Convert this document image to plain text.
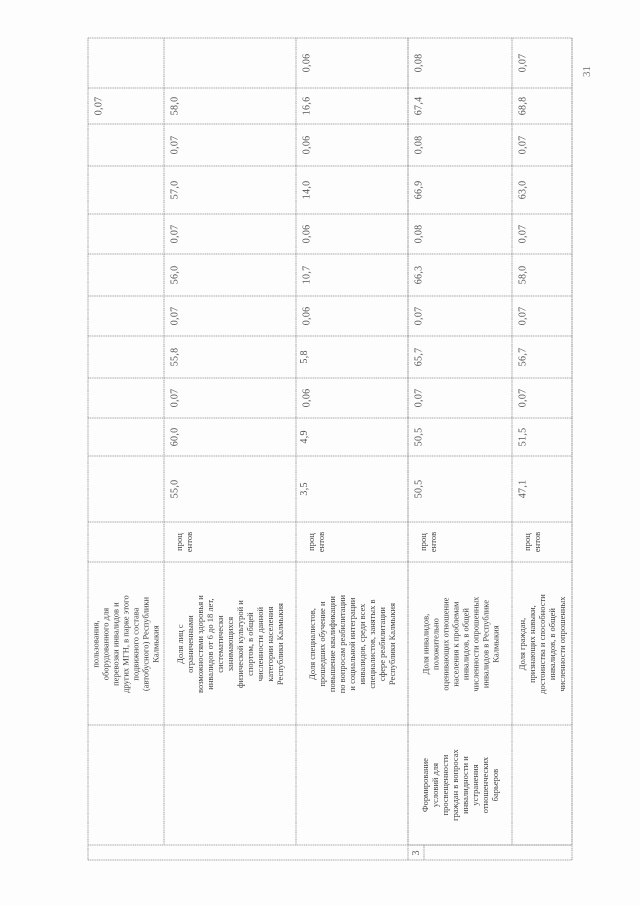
0,07
пользования, оборудованного для перевозки инвалидов и других МГН, в парке этого подвижного состава (автобусного) Республики Калмыкия
55,0
60,0
0,07
55,8
0,07
56,0
0,07
57,0
0,07
58,0
проц ентов
Доля лиц с ограниченными возможностями здоровья и инвалидов от 6 до 18 лет, систематически занимающихся физической культурой и спортом, в общей численности данной категории населения Республики Калмыкия
3,5
4,9
0,06
5,8
0,06
10,7
0,06
14,0
0,06
16,6
0,06
проц ентов
Доля специалистов, прошедших обучение и повышение квалификации по вопросам реабилитации и социальной интеграции инвалидов, среди всех специалистов, занятых в сфере реабилитации Республики Калмыкия
50,5
50,5
0,07
65,7
0,07
66,3
0,08
66,9
0,08
67,4
0,08
проц ентов
Доля инвалидов, положительно оценивающих отношение населения к проблемам инвалидов, в общей численности опрошенных инвалидов в Республике Калмыкия
Формирование условий для просвещенности граждан в вопросах инвалидности и устранения отношенческих барьеров
3
47,1
51,5
0,07
56,7
0,07
58,0
0,07
63,0
0,07
68,8
0,07
проц ентов
Доля граждан, признающих навыки, достоинства и способности инвалидов, в общей численности опрошенных
31
